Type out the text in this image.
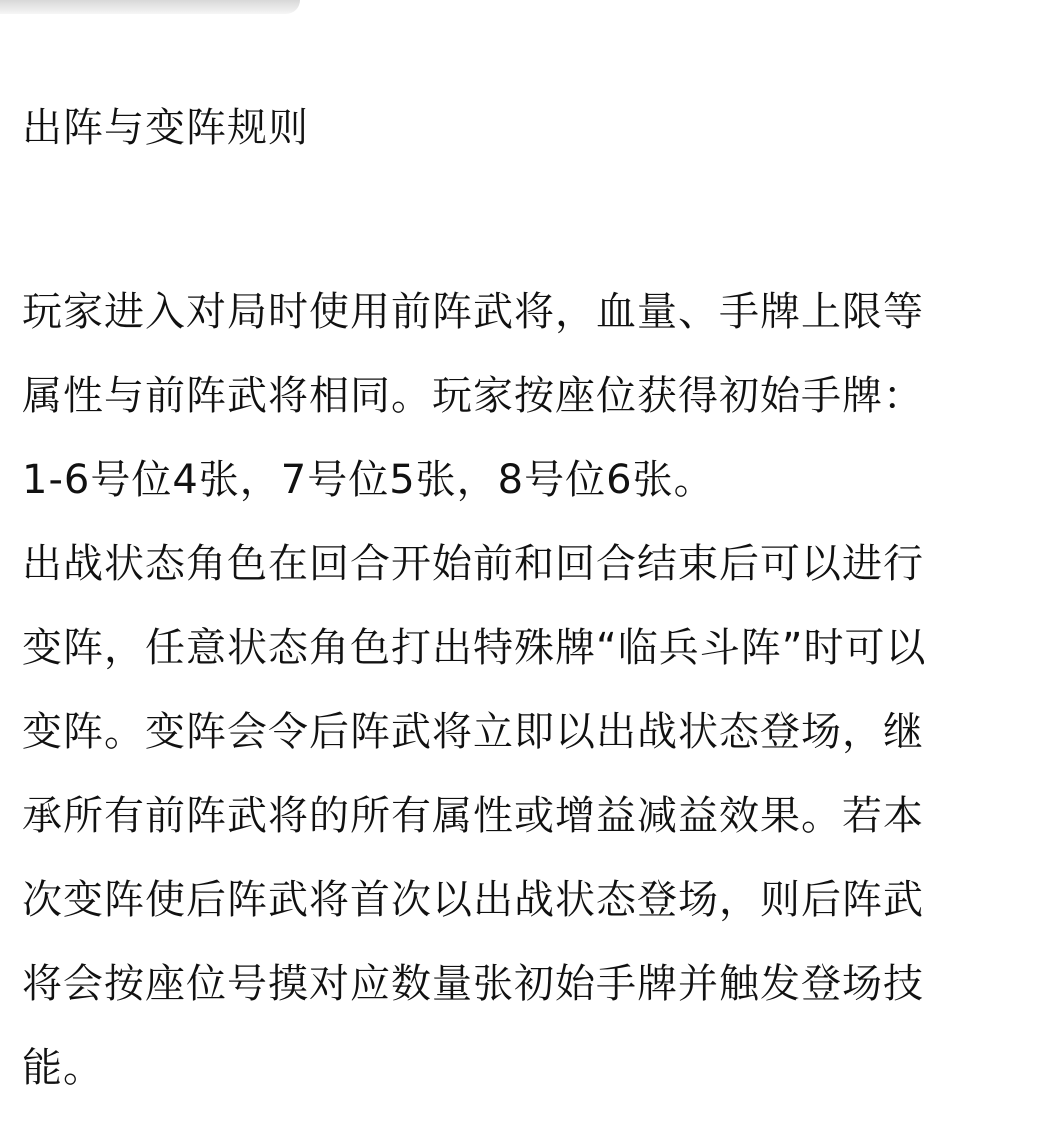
出阵与变阵规则
玩家进入对局时使用前阵武将，血量、手牌上限等
属性与前阵武将相同。玩家按座位获得初始手牌：
1-6号位4张，7号位5张，8号位6张。
出战状态角色在回合开始前和回合结束后可以进行
变阵，任意状态角色打出特殊牌“临兵斗阵”时可以
变阵。变阵会令后阵武将立即以出战状态登场，继
承所有前阵武将的所有属性或增益减益效果。若本
次变阵使后阵武将首次以出战状态登场，则后阵武
将会按座位号摸对应数量张初始手牌并触发登场技
能。
